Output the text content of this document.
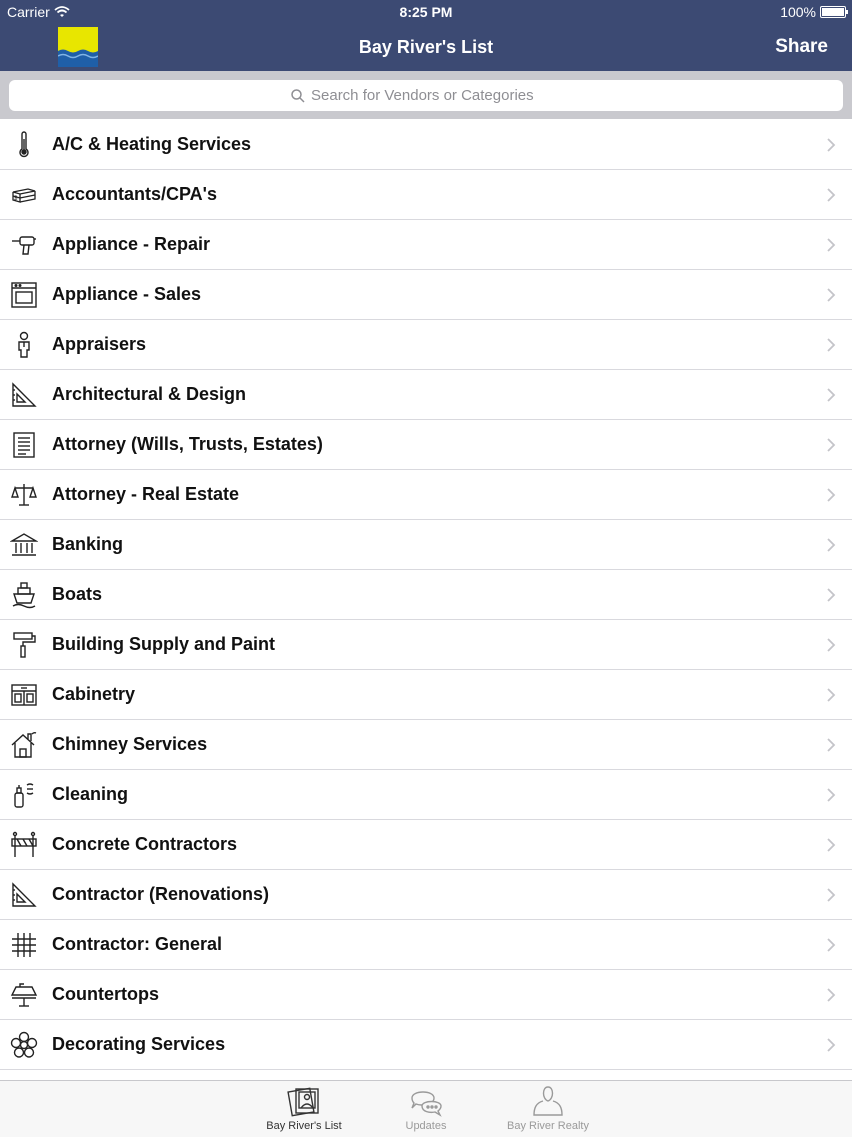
Carrier	8:25 PM	100%
Bay River's List	Share
Search for Vendors or Categories
A/C & Heating Services
$ Accountants/CPA's
Appliance - Repair
Appliance - Sales
Appraisers
Architectural & Design
Attorney (Wills, Trusts, Estates)
Attorney - Real Estate
Banking
Boats
Building Supply and Paint
Cabinetry
Chimney Services
Cleaning
Concrete Contractors
Contractor (Renovations)
Contractor: General
Countertops
Decorating Services
Bay River's List	Updates	Bay River Realty
